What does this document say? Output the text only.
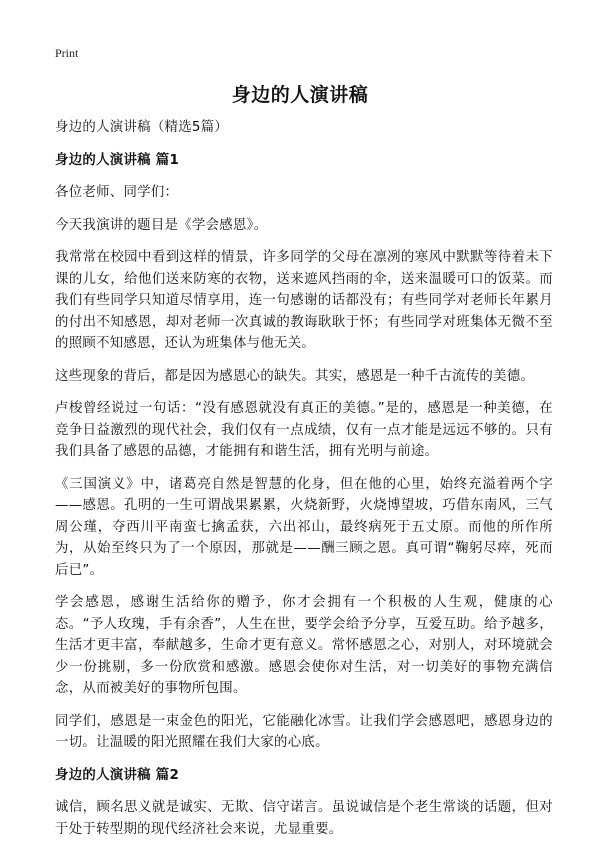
Print
身边的人演讲稿

身边的人演讲稿（精选5篇）

身边的人演讲稿 篇1

各位老师、同学们：

今天我演讲的题目是《学会感恩》。

我常常在校园中看到这样的情景，许多同学的父母在凛冽的寒风中默默等待着未下课的儿女，给他们送来防寒的衣物，送来遮风挡雨的伞，送来温暖可口的饭菜。而我们有些同学只知道尽情享用，连一句感谢的话都没有；有些同学对老师长年累月的付出不知感恩，却对老师一次真诚的教诲耿耿于怀；有些同学对班集体无微不至的照顾不知感恩，还认为班集体与他无关。

这些现象的背后，都是因为感恩心的缺失。其实，感恩是一种千古流传的美德。

卢梭曾经说过一句话：“没有感恩就没有真正的美德。”是的，感恩是一种美德，在竞争日益激烈的现代社会，我们仅有一点成绩，仅有一点才能是远远不够的。只有我们具备了感恩的品德，才能拥有和谐生活，拥有光明与前途。

《三国演义》中，诸葛亮自然是智慧的化身，但在他的心里，始终充溢着两个字——感恩。孔明的一生可谓战果累累，火烧新野，火烧博望坡，巧借东南风，三气周公瑾，夺西川平南蛮七擒孟获，六出祁山，最终病死于五丈原。而他的所作所为，从始至终只为了一个原因，那就是——酬三顾之恩。真可谓“鞠躬尽瘁，死而后已”。

学会感恩，感谢生活给你的赠予，你才会拥有一个积极的人生观，健康的心态。“予人玫瑰，手有余香”，人生在世，要学会给予分享，互爱互助。给予越多，生活才更丰富，奉献越多，生命才更有意义。常怀感恩之心，对别人，对环境就会少一份挑剔，多一份欣赏和感激。感恩会使你对生活，对一切美好的事物充满信念，从而被美好的事物所包围。

同学们，感恩是一束金色的阳光，它能融化冰雪。让我们学会感恩吧，感恩身边的一切。让温暖的阳光照耀在我们大家的心底。

身边的人演讲稿 篇2

诚信，顾名思义就是诚实、无欺、信守诺言。虽说诚信是个老生常谈的话题，但对于处于转型期的现代经济社会来说，尤显重要。
